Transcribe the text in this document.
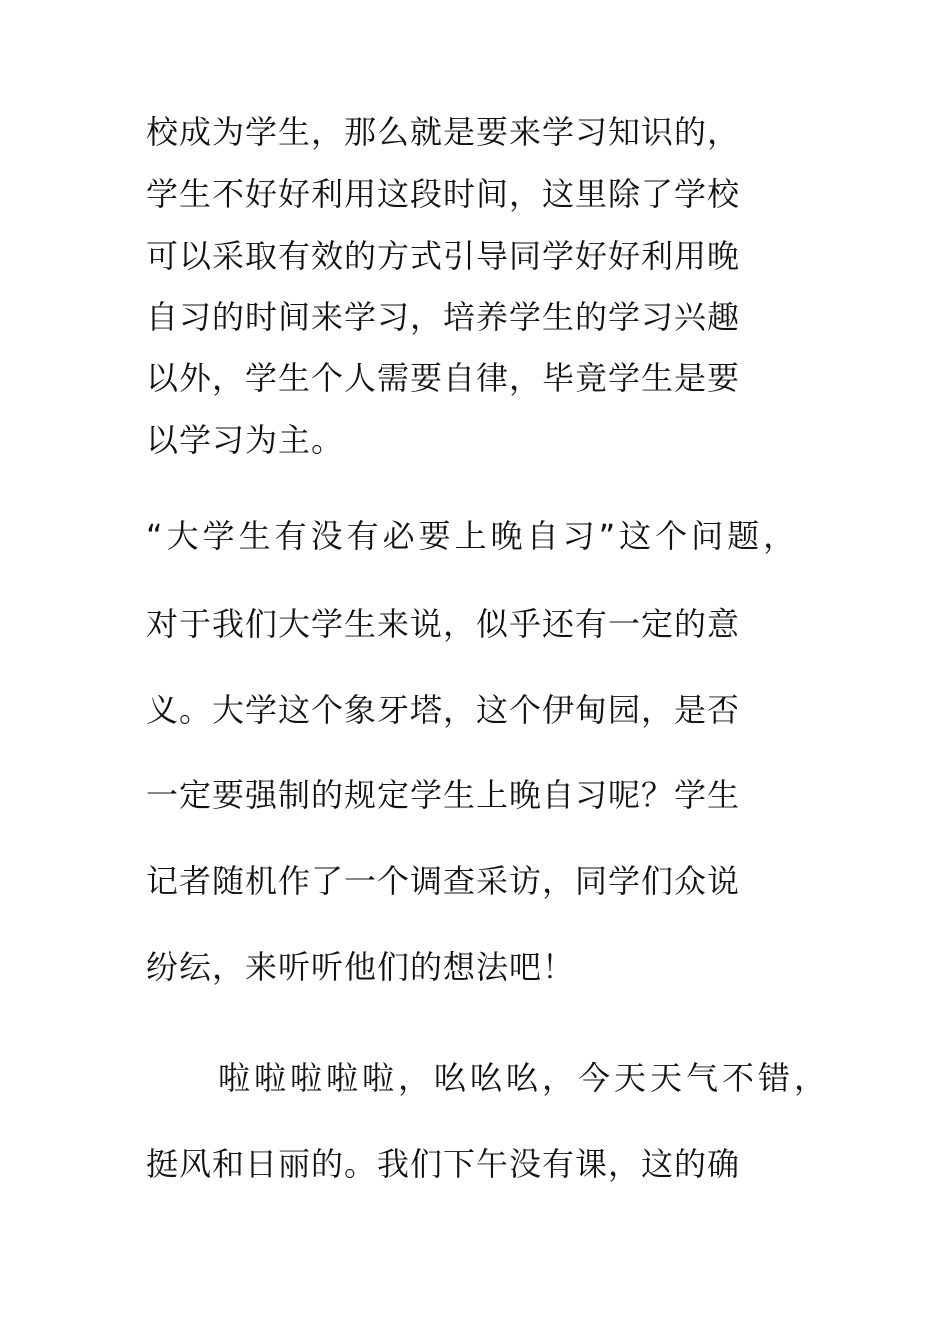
校成为学生，那么就是要来学习知识的，

学生不好好利用这段时间，这里除了学校

可以采取有效的方式引导同学好好利用晚

自习的时间来学习，培养学生的学习兴趣

以外，学生个人需要自律，毕竟学生是要

以学习为主。

“大学生有没有必要上晚自习”这个问题，

对于我们大学生来说，似乎还有一定的意

义。大学这个象牙塔，这个伊甸园，是否

一定要强制的规定学生上晚自习呢？学生

记者随机作了一个调查采访，同学们众说

纷纭，来听听他们的想法吧！

啦啦啦啦啦，吆吆吆，今天天气不错，

挺风和日丽的。我们下午没有课，这的确
